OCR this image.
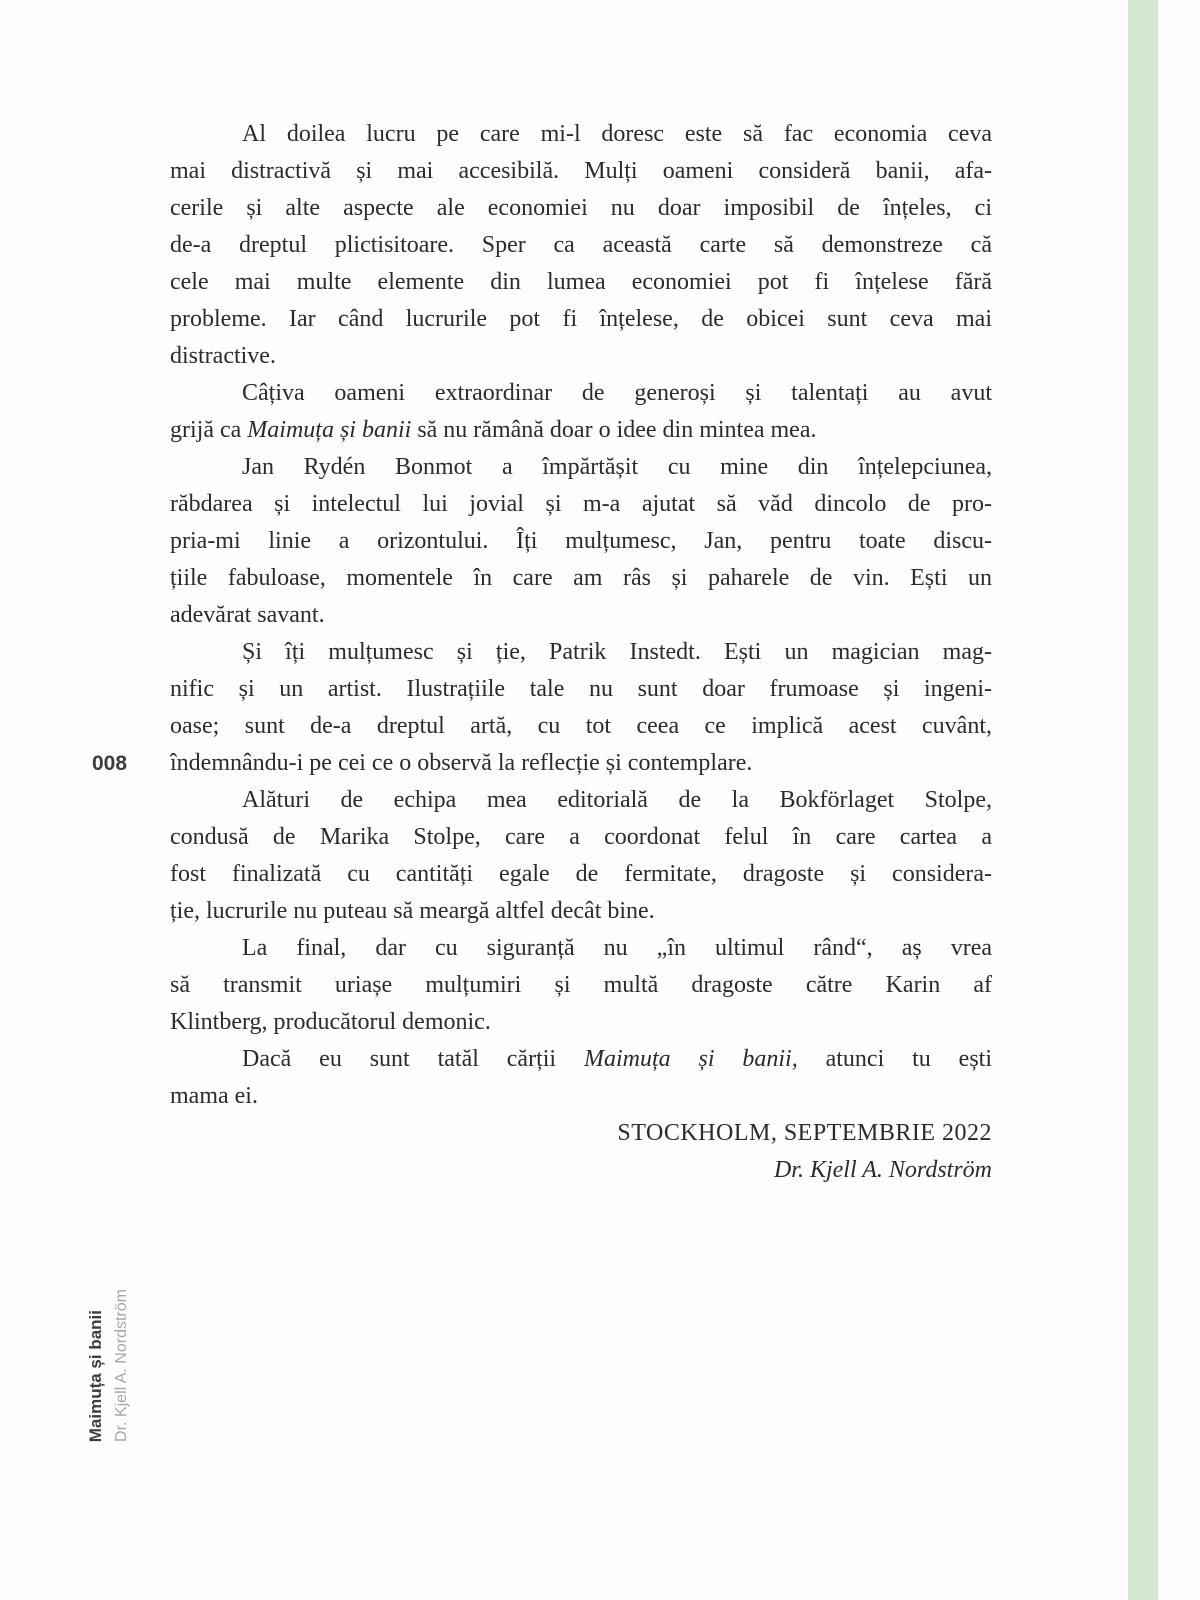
008
Al doilea lucru pe care mi-l doresc este să fac economia ceva
mai distractivă și mai accesibilă. Mulți oameni consideră banii, afa-
cerile și alte aspecte ale economiei nu doar imposibil de înțeles, ci
de-a dreptul plictisitoare. Sper ca această carte să demonstreze că
cele mai multe elemente din lumea economiei pot fi înțelese fără
probleme. Iar când lucrurile pot fi înțelese, de obicei sunt ceva mai
distractive.
Câțiva oameni extraordinar de generoși și talentați au avut
grijă ca Maimuța și banii să nu rămână doar o idee din mintea mea.
Jan Rydén Bonmot a împărtășit cu mine din înțelepciunea,
răbdarea și intelectul lui jovial și m-a ajutat să văd dincolo de pro-
pria-mi linie a orizontului. Îți mulțumesc, Jan, pentru toate discu-
țiile fabuloase, momentele în care am râs și paharele de vin. Ești un
adevărat savant.
Și îți mulțumesc și ție, Patrik Instedt. Ești un magician mag-
nific și un artist. Ilustrațiile tale nu sunt doar frumoase și ingeni-
oase; sunt de-a dreptul artă, cu tot ceea ce implică acest cuvânt,
îndemnându-i pe cei ce o observă la reflecție și contemplare.
Alături de echipa mea editorială de la Bokförlaget Stolpe,
condusă de Marika Stolpe, care a coordonat felul în care cartea a
fost finalizată cu cantități egale de fermitate, dragoste și considera-
ție, lucrurile nu puteau să meargă altfel decât bine.
La final, dar cu siguranță nu „în ultimul rând“, aș vrea
să transmit uriașe mulțumiri și multă dragoste către Karin af
Klintberg, producătorul demonic.
Dacă eu sunt tatăl cărții Maimuța și banii, atunci tu ești
mama ei.
STOCKHOLM, SEPTEMBRIE 2022
Dr. Kjell A. Nordström
Maimuța și banii Dr. Kjell A. Nordström
